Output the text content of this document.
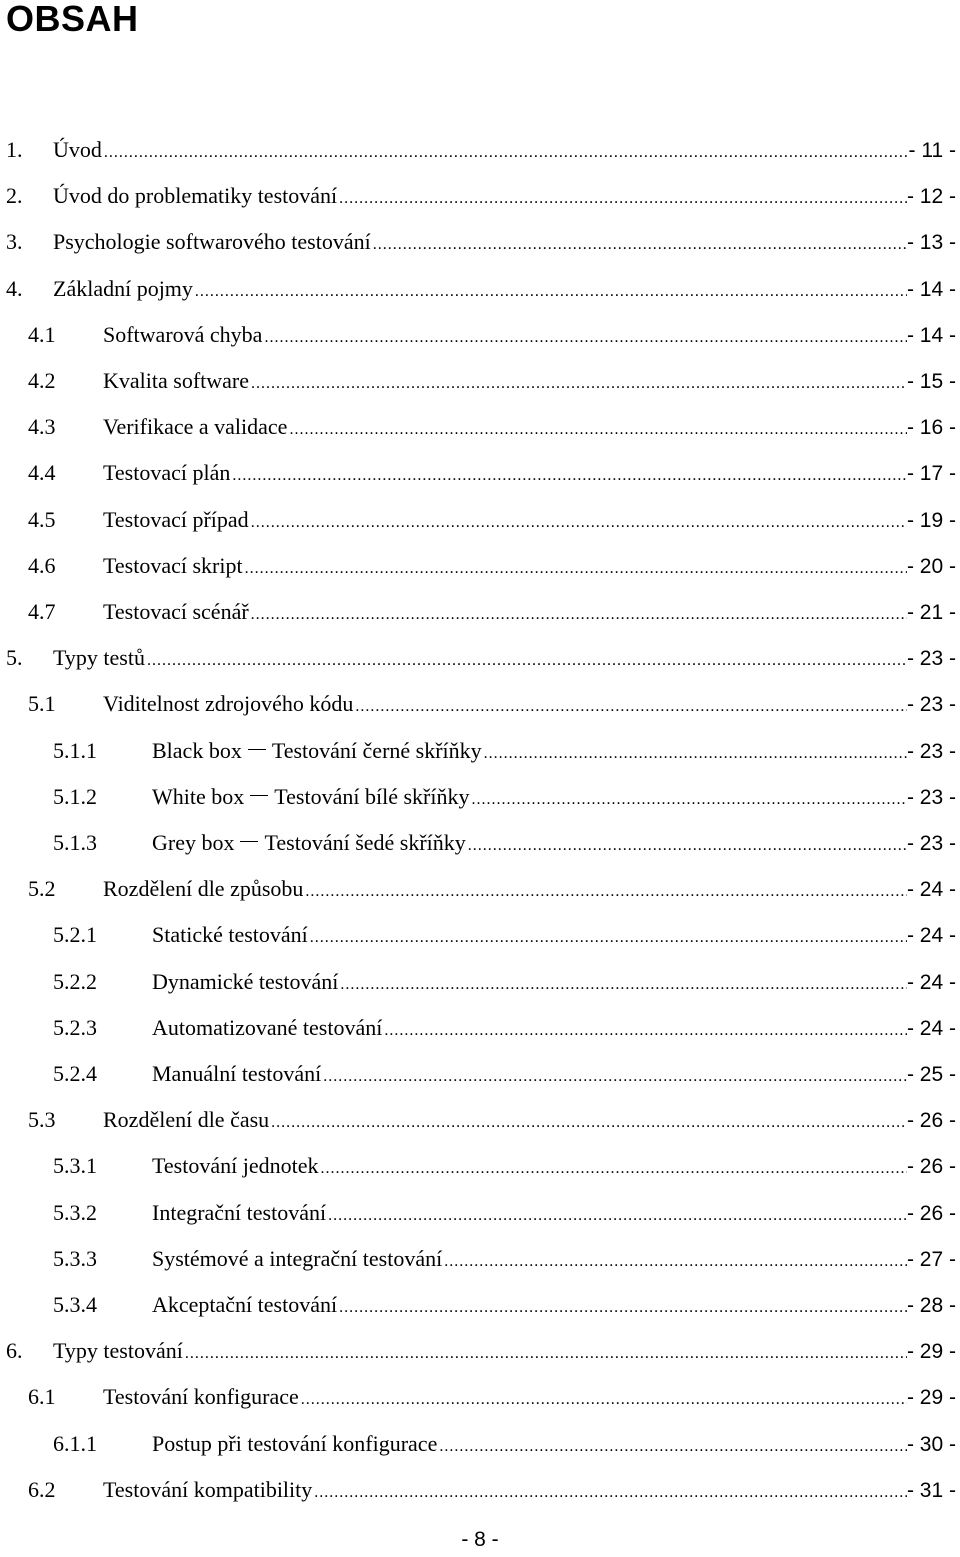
OBSAH
1. Úvod .....	- 11 -
2. Úvod do problematiky testování .....	- 12 -
3. Psychologie softwarového testování .....	- 13 -
4. Základní pojmy .....	- 14 -
4.1 Softwarová chyba .....	- 14 -
4.2 Kvalita software .....	- 15 -
4.3 Verifikace a validace .....	- 16 -
4.4 Testovací plán .....	- 17 -
4.5 Testovací případ .....	- 19 -
4.6 Testovací skript .....	- 20 -
4.7 Testovací scénář .....	- 21 -
5. Typy testů .....	- 23 -
5.1 Viditelnost zdrojového kódu .....	- 23 -
5.1.1	Black box Testování černé skříňky .....	- 23 -
5.1.2	White box Testování bílé skříňky .....	- 23 -
5.1.3	Grey box Testování šedé skříňky .....	- 23 -
5.2 Rozdělení dle způsobu .....	- 24 -
5.2.1	Statické testování .....	- 24 -
5.2.2	Dynamické testování .....	- 24 -
5.2.3	Automatizované testování .....	- 24 -
5.2.4	Manuální testování .....	- 25 -
5.3 Rozdělení dle času .....	- 26 -
5.3.1	Testování jednotek .....	- 26 -
5.3.2	Integrační testování .....	- 26 -
5.3.3	Systémové a integrační testování .....	- 27 -
5.3.4	Akceptační testování .....	- 28 -
6. Typy testování .....	- 29 -
6.1 Testování konfigurace .....	- 29 -
6.1.1	Postup při testování konfigurace .....	- 30 -
6.2 Testování kompatibility .....	- 31 -
- 8 -
